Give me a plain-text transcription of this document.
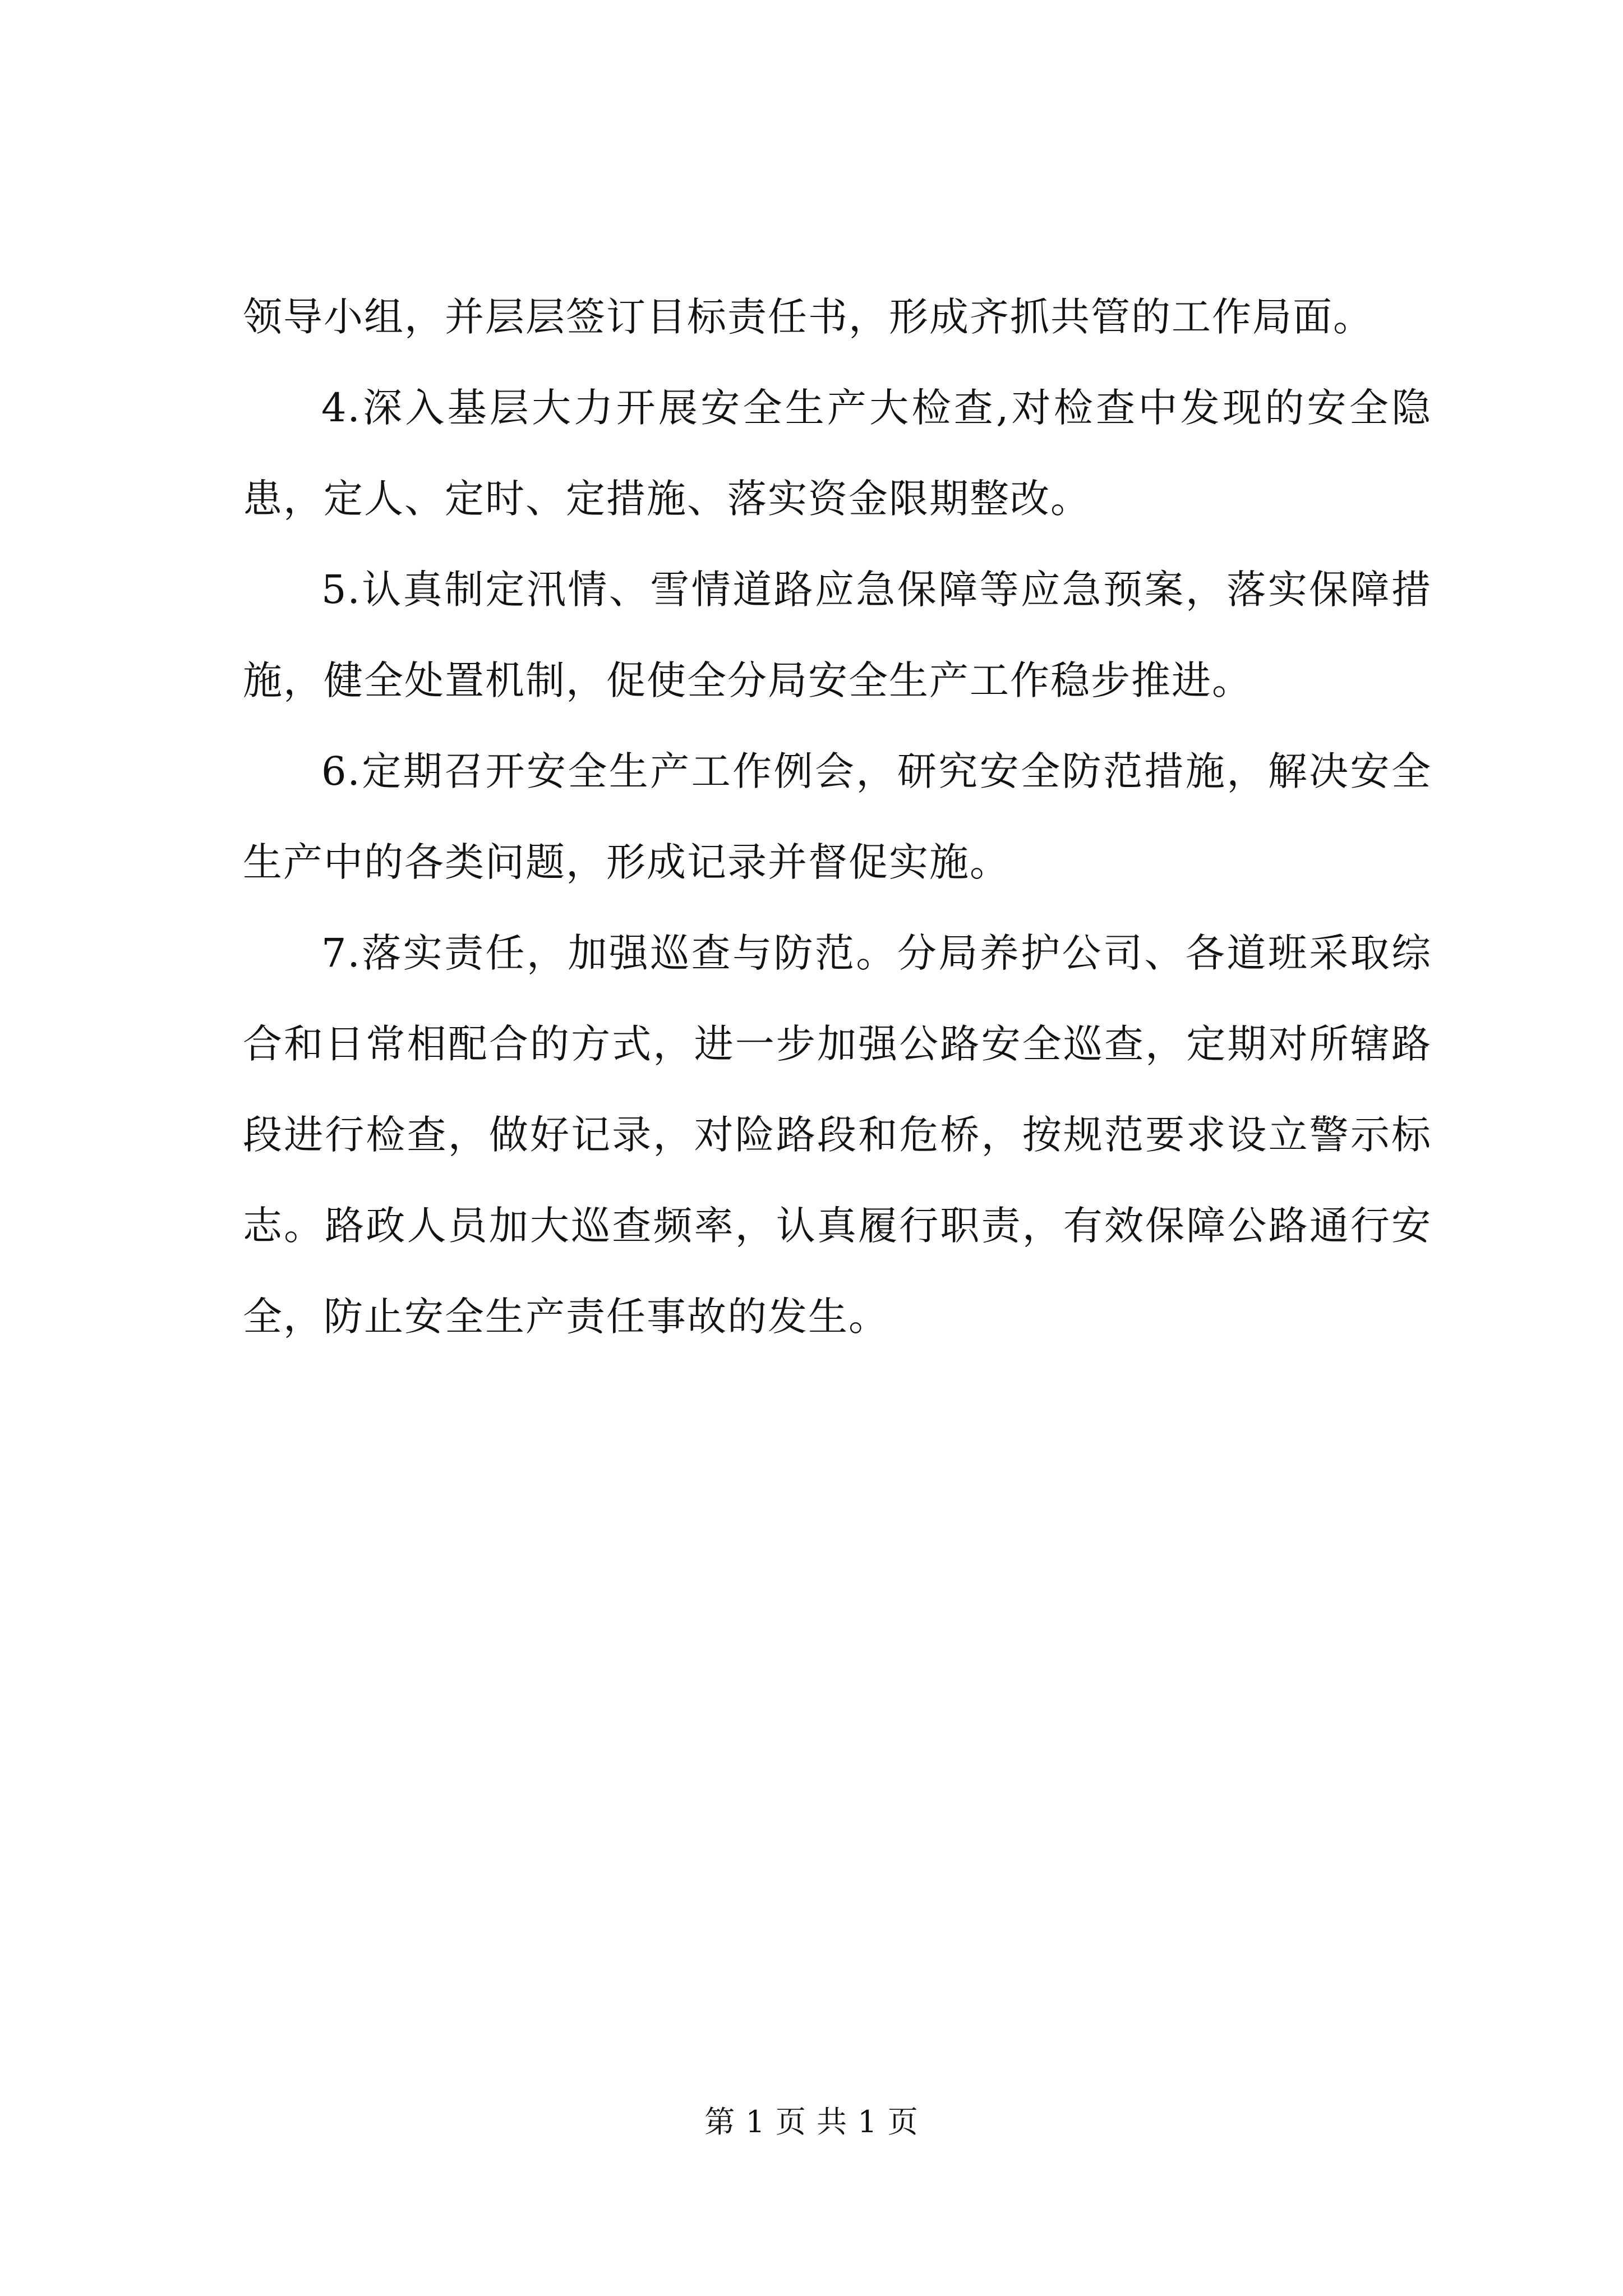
领导小组，并层层签订目标责任书，形成齐抓共管的工作局面。

4.深入基层大力开展安全生产大检查,对检查中发现的安全隐患，定人、定时、定措施、落实资金限期整改。

5.认真制定汛情、雪情道路应急保障等应急预案，落实保障措施，健全处置机制，促使全分局安全生产工作稳步推进。

6.定期召开安全生产工作例会，研究安全防范措施，解决安全生产中的各类问题，形成记录并督促实施。

7.落实责任，加强巡查与防范。分局养护公司、各道班采取综合和日常相配合的方式，进一步加强公路安全巡查，定期对所辖路段进行检查，做好记录，对险路段和危桥，按规范要求设立警示标志。路政人员加大巡查频率，认真履行职责，有效保障公路通行安全，防止安全生产责任事故的发生。

第 1 页 共 1 页
